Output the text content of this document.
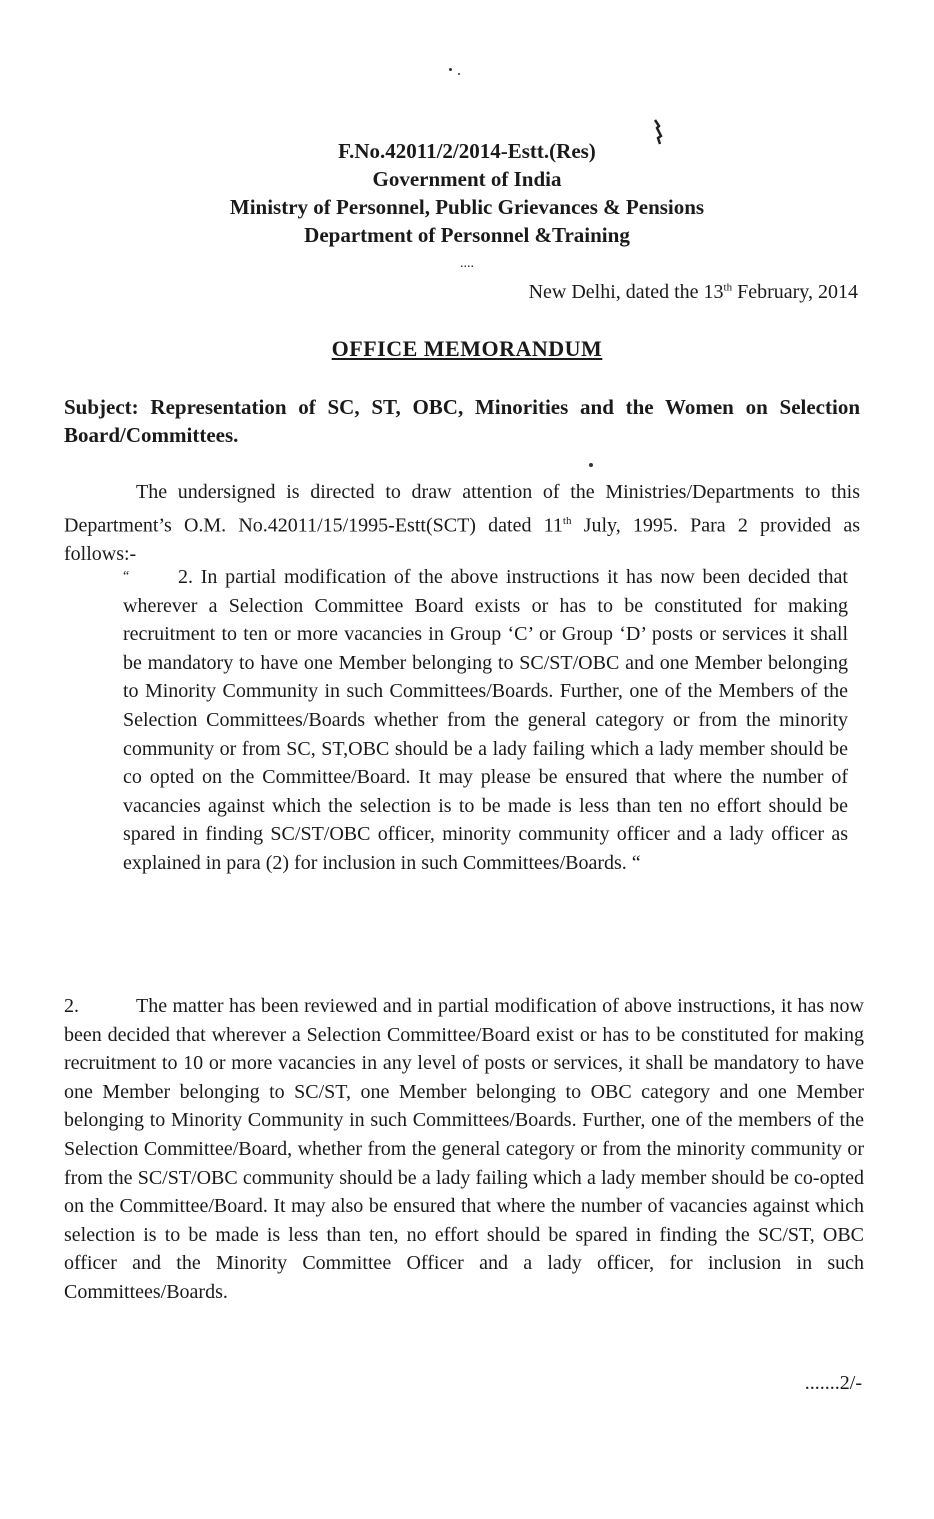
F.No.42011/2/2014-Estt.(Res)
Government of India
Ministry of Personnel, Public Grievances & Pensions
Department of Personnel &Training
....
New Delhi, dated the 13th February, 2014
OFFICE MEMORANDUM
Subject: Representation of SC, ST, OBC, Minorities and the Women on Selection Board/Committees.
The undersigned is directed to draw attention of the Ministries/Departments to this Department’s O.M. No.42011/15/1995-Estt(SCT) dated 11th July, 1995. Para 2 provided as follows:-
“ 2. In partial modification of the above instructions it has now been decided that wherever a Selection Committee Board exists or has to be constituted for making recruitment to ten or more vacancies in Group ‘C’ or Group ‘D’ posts or services it shall be mandatory to have one Member belonging to SC/ST/OBC and one Member belonging to Minority Community in such Committees/Boards. Further, one of the Members of the Selection Committees/Boards whether from the general category or from the minority community or from SC, ST,OBC should be a lady failing which a lady member should be co opted on the Committee/Board. It may please be ensured that where the number of vacancies against which the selection is to be made is less than ten no effort should be spared in finding SC/ST/OBC officer, minority community officer and a lady officer as explained in para (2) for inclusion in such Committees/Boards. “
2.	The matter has been reviewed and in partial modification of above instructions, it has now been decided that wherever a Selection Committee/Board exist or has to be constituted for making recruitment to 10 or more vacancies in any level of posts or services, it shall be mandatory to have one Member belonging to SC/ST, one Member belonging to OBC category and one Member belonging to Minority Community in such Committees/Boards. Further, one of the members of the Selection Committee/Board, whether from the general category or from the minority community or from the SC/ST/OBC community should be a lady failing which a lady member should be co-opted on the Committee/Board. It may also be ensured that where the number of vacancies against which selection is to be made is less than ten, no effort should be spared in finding the SC/ST, OBC officer and the Minority Committee Officer and a lady officer, for inclusion in such Committees/Boards.
.......2/-
